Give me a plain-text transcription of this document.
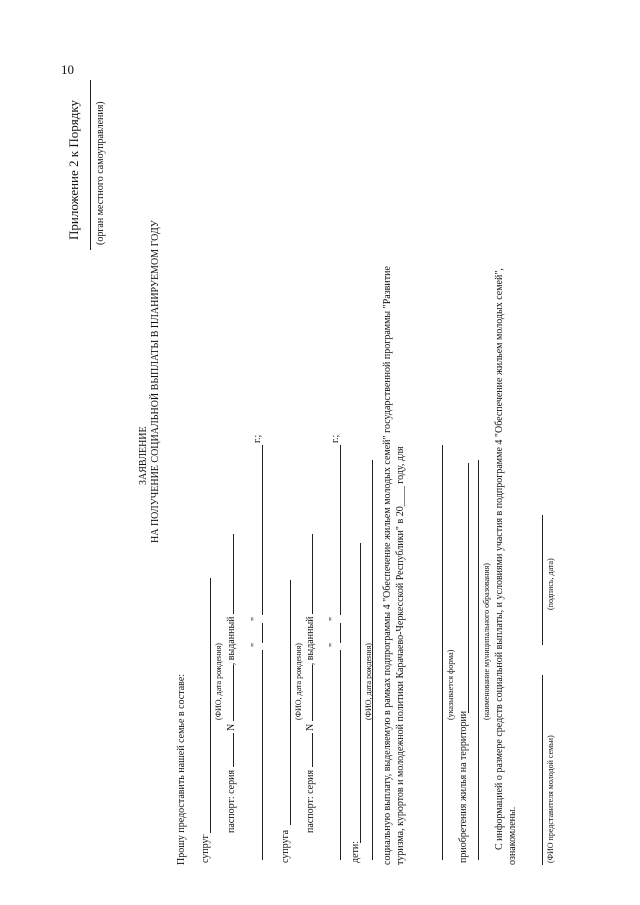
10
Приложение 2 к Порядку (орган местного самоуправления)
ЗАЯВЛЕНИЕ НА ПОЛУЧЕНИЕ СОЦИАЛЬНОЙ ВЫПЛАТЫ В ПЛАНИРУЕМОМ ГОДУ
Прошу предоставить нашей семье в составе: супруг
(ФИО, дата рождения)
паспорт: серия  N , выданный "
"
г.;
супруга
(ФИО, дата рождения)
паспорт: серия  N , выданный "
"
г.;
дети:
(ФИО, дата рождения) социальную выплату, выделяемую в рамках подпрограммы 4 "Обеспечение жильем молодых семей" государственной программы "Развитие туризма, курортов и молодежной политики Карачаево-Черкесской Республики" в 20____ году, для	(указывается форма)
приобретения жилья на территории
(наименование муниципального образования) С информацией о размере средств социальной выплаты, и условиями участия в подпрограмме 4 "Обеспечение жильем молодых семей", ознакомлены.	(ФИО представителя молодой семьи)
(подпись, дата)
